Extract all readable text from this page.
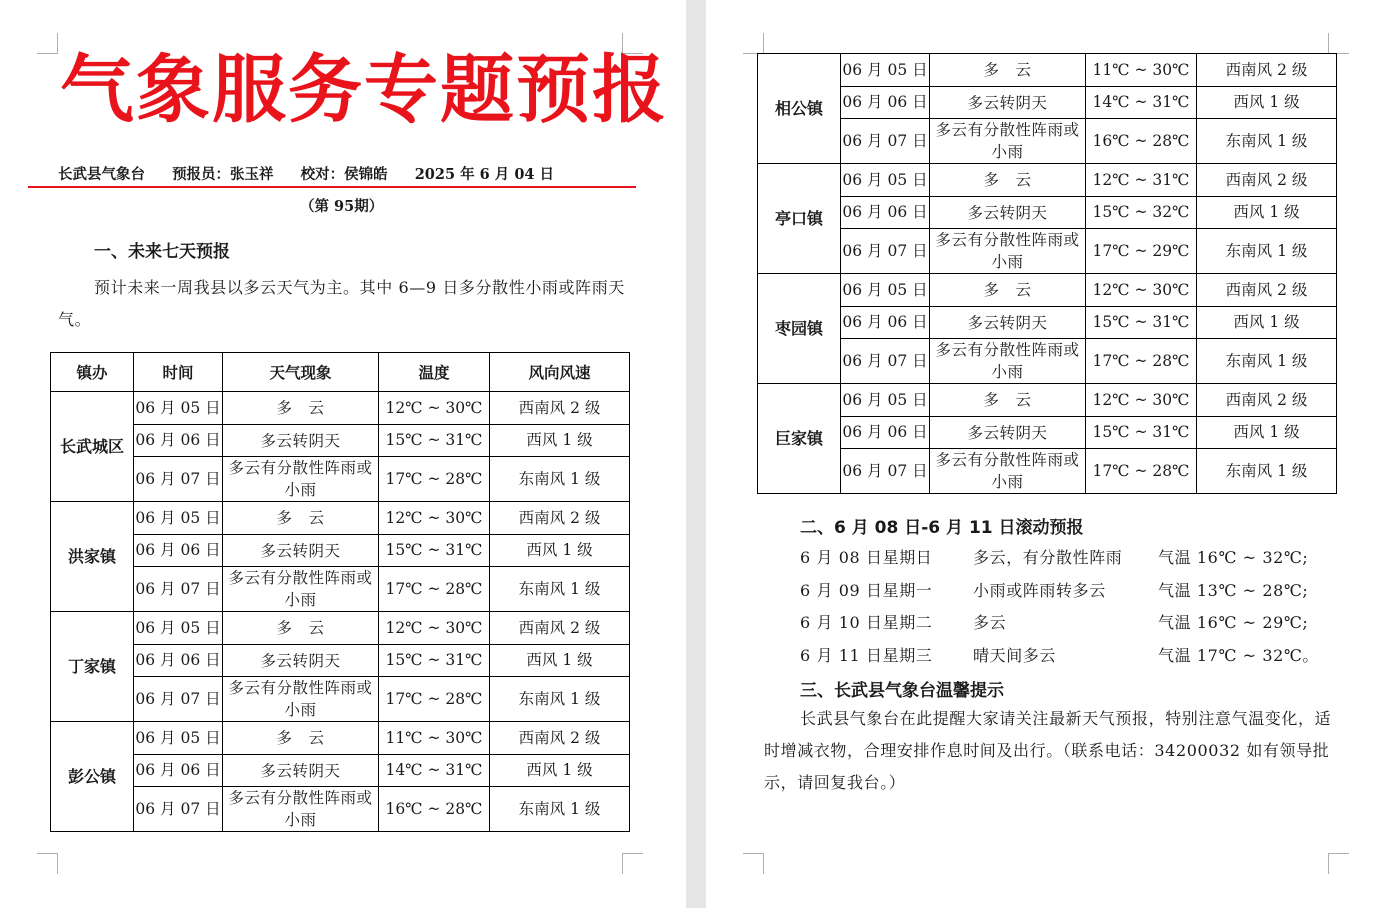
气象服务专题预报
长武县气象台 预报员：张玉祥 校对：侯锦皓 2025 年 6 月 04 日
（第 95期）
一、未来七天预报
预计未来一周我县以多云天气为主。其中 6—9 日多分散性小雨或阵雨天气。
镇办	时间	天气现象	温度	风向风速
长武城区	06 月 05 日	多　云	12℃ ~ 30℃	西南风 2 级
	06 月 06 日	多云转阴天	15℃ ~ 31℃	西风 1 级
	06 月 07 日	多云有分散性阵雨或小雨	17℃ ~ 28℃	东南风 1 级
洪家镇	06 月 05 日	多　云	12℃ ~ 30℃	西南风 2 级
	06 月 06 日	多云转阴天	15℃ ~ 31℃	西风 1 级
	06 月 07 日	多云有分散性阵雨或小雨	17℃ ~ 28℃	东南风 1 级
丁家镇	06 月 05 日	多　云	12℃ ~ 30℃	西南风 2 级
	06 月 06 日	多云转阴天	15℃ ~ 31℃	西风 1 级
	06 月 07 日	多云有分散性阵雨或小雨	17℃ ~ 28℃	东南风 1 级
彭公镇	06 月 05 日	多　云	11℃ ~ 30℃	西南风 2 级
	06 月 06 日	多云转阴天	14℃ ~ 31℃	西风 1 级
	06 月 07 日	多云有分散性阵雨或小雨	16℃ ~ 28℃	东南风 1 级
相公镇	06 月 05 日	多　云	11℃ ~ 30℃	西南风 2 级
	06 月 06 日	多云转阴天	14℃ ~ 31℃	西风 1 级
	06 月 07 日	多云有分散性阵雨或小雨	16℃ ~ 28℃	东南风 1 级
亭口镇	06 月 05 日	多　云	12℃ ~ 31℃	西南风 2 级
	06 月 06 日	多云转阴天	15℃ ~ 32℃	西风 1 级
	06 月 07 日	多云有分散性阵雨或小雨	17℃ ~ 29℃	东南风 1 级
枣园镇	06 月 05 日	多　云	12℃ ~ 30℃	西南风 2 级
	06 月 06 日	多云转阴天	15℃ ~ 31℃	西风 1 级
	06 月 07 日	多云有分散性阵雨或小雨	17℃ ~ 28℃	东南风 1 级
巨家镇	06 月 05 日	多　云	12℃ ~ 30℃	西南风 2 级
	06 月 06 日	多云转阴天	15℃ ~ 31℃	西风 1 级
	06 月 07 日	多云有分散性阵雨或小雨	17℃ ~ 28℃	东南风 1 级
二、6 月 08 日-6 月 11 日滚动预报
6 月 08 日星期日	多云，有分散性阵雨 气温 16℃ ~ 32℃;
6 月 09 日星期一	小雨或阵雨转多云	气温 13℃ ~ 28℃;
6 月 10 日星期二	多云	气温 16℃ ~ 29℃;
6 月 11 日星期三	晴天间多云	气温 17℃ ~ 32℃。
三、长武县气象台温馨提示
长武县气象台在此提醒大家请关注最新天气预报，特别注意气温变化，适时增减衣物，合理安排作息时间及出行。（联系电话：34200032 如有领导批示，请回复我台。）
